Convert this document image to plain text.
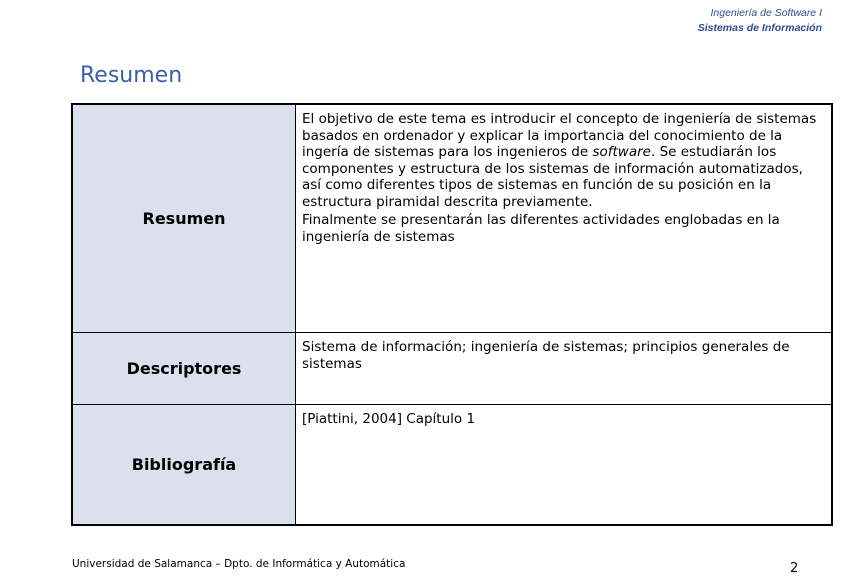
Ingeniería de Software I
Sistemas de Información
Resumen
Resumen	El objetivo de este tema es introducir el concepto de ingeniería de sistemas basados en ordenador y explicar la importancia del conocimiento de la ingería de sistemas para los ingenieros de software. Se estudiarán los componentes y estructura de los sistemas de información automatizados, así como diferentes tipos de sistemas en función de su posición en la estructura piramidal descrita previamente.

Finalmente se presentarán las diferentes actividades englobadas en la ingeniería de sistemas

Descriptores	Sistema de información; ingeniería de sistemas; principios generales de sistemas
Bibliografía	[Piattini, 2004] Capítulo 1
Universidad de Salamanca – Dpto. de Informática y Automática	2
